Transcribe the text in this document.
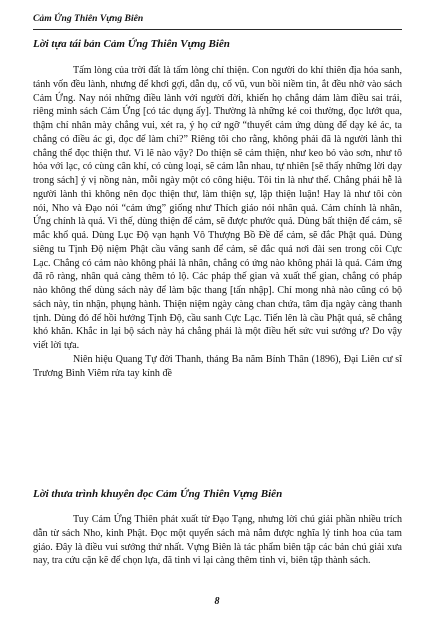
Cảm Ứng Thiên Vựng Biên
Lời tựa tái bản Cảm Ứng Thiên Vựng Biên

Tấm lòng của trời đất là tấm lòng chí thiện. Con người do khí thiên địa hóa sanh, tánh vốn đều lành, nhưng để khơi gợi, dẫn dụ, cổ vũ, vun bồi niềm tin, ắt đều nhờ vào sách Cảm Ứng. Nay nói những điều lành với người đời, khiến họ chẳng dám làm điều sai trái, riêng mình sách Cảm Ứng [có tác dụng ấy]. Thường là những kẻ coi thường, đọc lướt qua, thậm chí nhân mày chẳng vui, xét ra, ý họ cứ ngỡ “thuyết cảm ứng dùng để dạy kẻ ác, ta chẳng có điều ác gì, đọc để làm chi?” Riêng tôi cho rằng, không phải đã là người lành thì chẳng thể đọc thiện thư. Vì lẽ nào vậy? Do thiện sẽ cảm thiện, như keo bỏ vào sơn, như tô hỏa với lạc, có cùng cân khí, có cùng loại, sẽ cảm lẫn nhau, tự nhiên [sẽ thấy những lời dạy trong sách] ý vị nồng nàn, mỗi ngày một có công hiệu. Tôi tin là như thế. Chẳng phải hễ là người lành thì không nên đọc thiện thư, làm thiện sự, lập thiện luận! Hay là như tôi còn nói, Nho và Đạo nói “cảm ứng” giống như Thích giáo nói nhân quả. Cảm chính là nhân, Ứng chính là quả. Vì thế, dùng thiện để cảm, sẽ được phước quả. Dùng bất thiện để cảm, sẽ mắc khổ quả. Dùng Lục Độ vạn hạnh Vô Thượng Bồ Đề để cảm, sẽ đắc Phật quả. Dùng siêng tu Tịnh Độ niệm Phật cầu vãng sanh để cảm, sẽ đắc quả nơi đài sen trong cõi Cực Lạc. Chẳng có cảm nào không phải là nhân, chẳng có ứng nào không phải là quả. Cảm ứng đã rõ ràng, nhân quả càng thêm tỏ lộ. Các pháp thế gian và xuất thế gian, chẳng có pháp nào không thể dùng sách này để làm bậc thang [tấn nhập]. Chỉ mong nhà nào cũng có bộ sách này, tin nhận, phụng hành. Thiện niệm ngày càng chan chứa, tâm địa ngày càng thanh tịnh. Dùng đó để hồi hướng Tịnh Độ, cầu sanh Cực Lạc. Tiến lên là cầu Phật quả, sẽ chẳng khó khăn. Khắc in lại bộ sách này há chẳng phải là một điều hết sức vui sướng ư? Do vậy viết lời tựa.

Niên hiệu Quang Tự đời Thanh, tháng Ba năm Bính Thân (1896), Đại Liên cư sĩ Trương Bình Viêm rửa tay kính đề

Lời thưa trình khuyên đọc Cảm Ứng Thiên Vựng Biên

Tuy Cảm Ứng Thiên phát xuất từ Đạo Tạng, nhưng lời chú giải phần nhiều trích dẫn từ sách Nho, kinh Phật. Đọc một quyển sách mà nắm được nghĩa lý tinh hoa của tam giáo. Đây là điều vui sướng thứ nhất. Vựng Biên là tác phẩm biên tập các bản chú giải xưa nay, tra cứu cặn kẽ để chọn lựa, đã tinh vi lại càng thêm tinh vi, biên tập thành sách.

8
